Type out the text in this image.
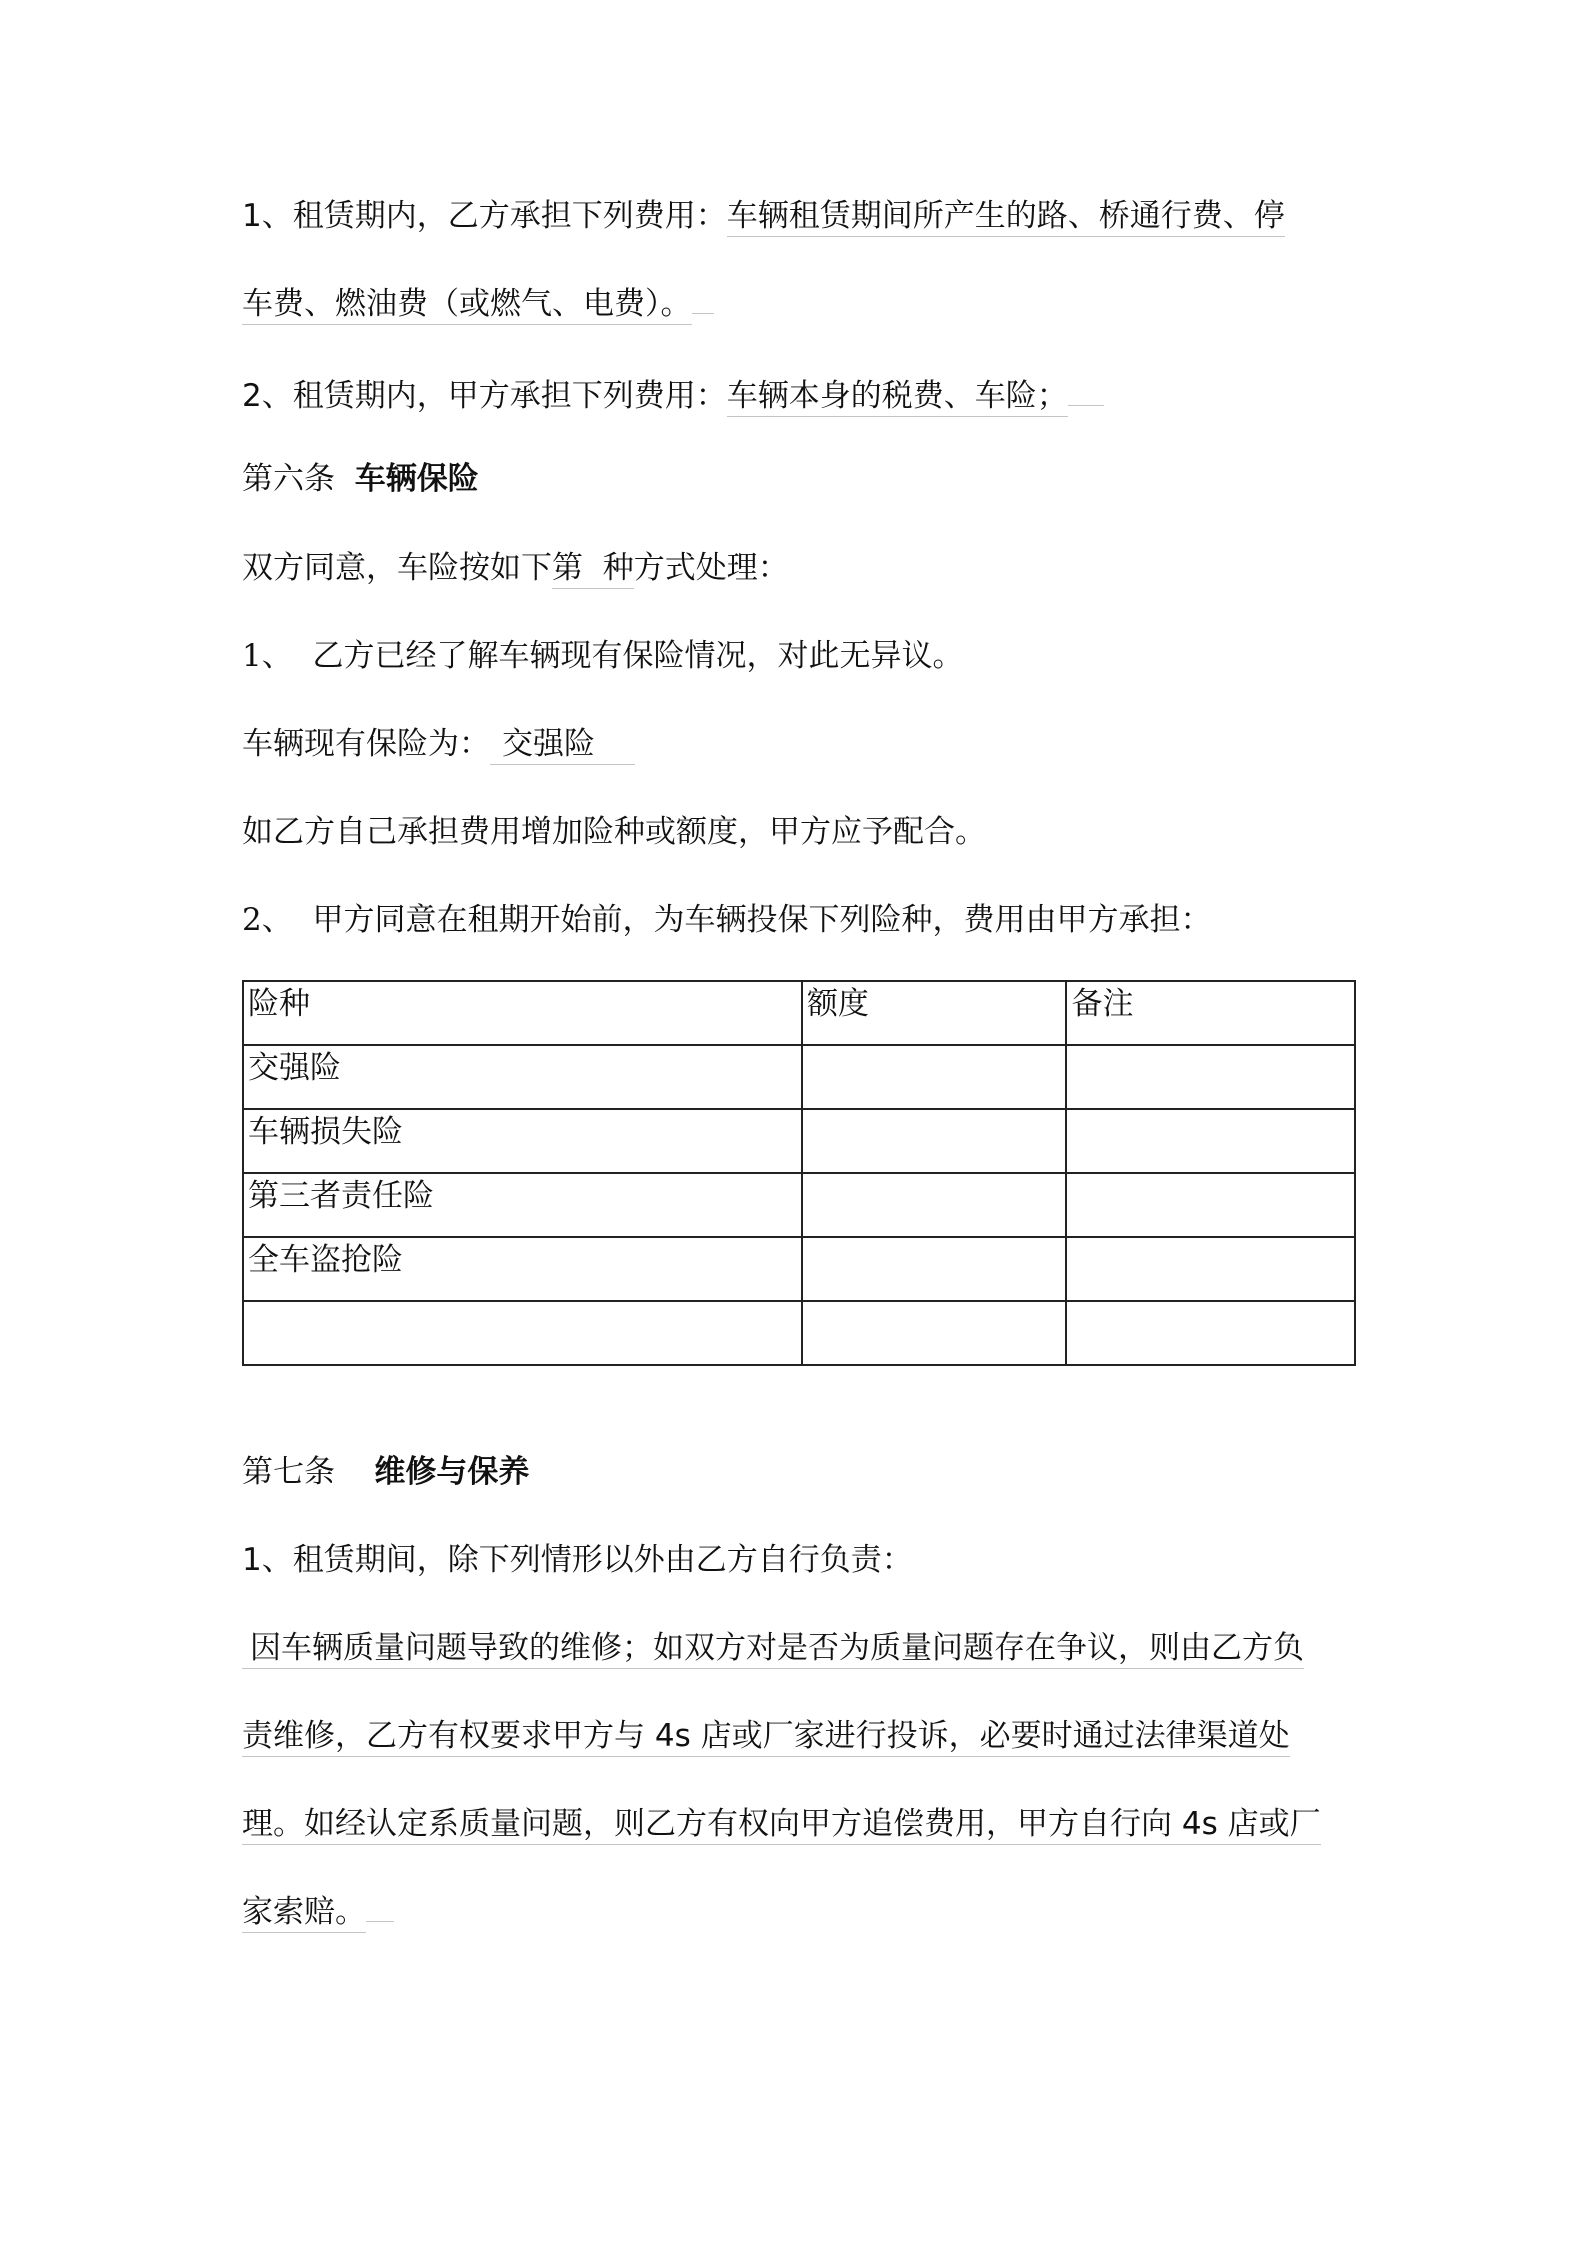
1、租赁期内，乙方承担下列费用：车辆租赁期间所产生的路、桥通行费、停
车费、燃油费（或燃气、电费）。
2、租赁期内，甲方承担下列费用：车辆本身的税费、车险；
第六条 车辆保险
双方同意，车险按如下第  种方式处理：
1、 乙方已经了解车辆现有保险情况，对此无异议。
车辆现有保险为： 交强险
如乙方自己承担费用增加险种或额度，甲方应予配合。
2、 甲方同意在租期开始前，为车辆投保下列险种，费用由甲方承担：
险种	额度	备注
交强险		
车辆损失险		
第三者责任险		
全车盗抢险		

第七条 维修与保养
1、租赁期间，除下列情形以外由乙方自行负责：
因车辆质量问题导致的维修；如双方对是否为质量问题存在争议，则由乙方负
责维修，乙方有权要求甲方与 4s 店或厂家进行投诉，必要时通过法律渠道处
理。如经认定系质量问题，则乙方有权向甲方追偿费用，甲方自行向 4s 店或厂
家索赔。
